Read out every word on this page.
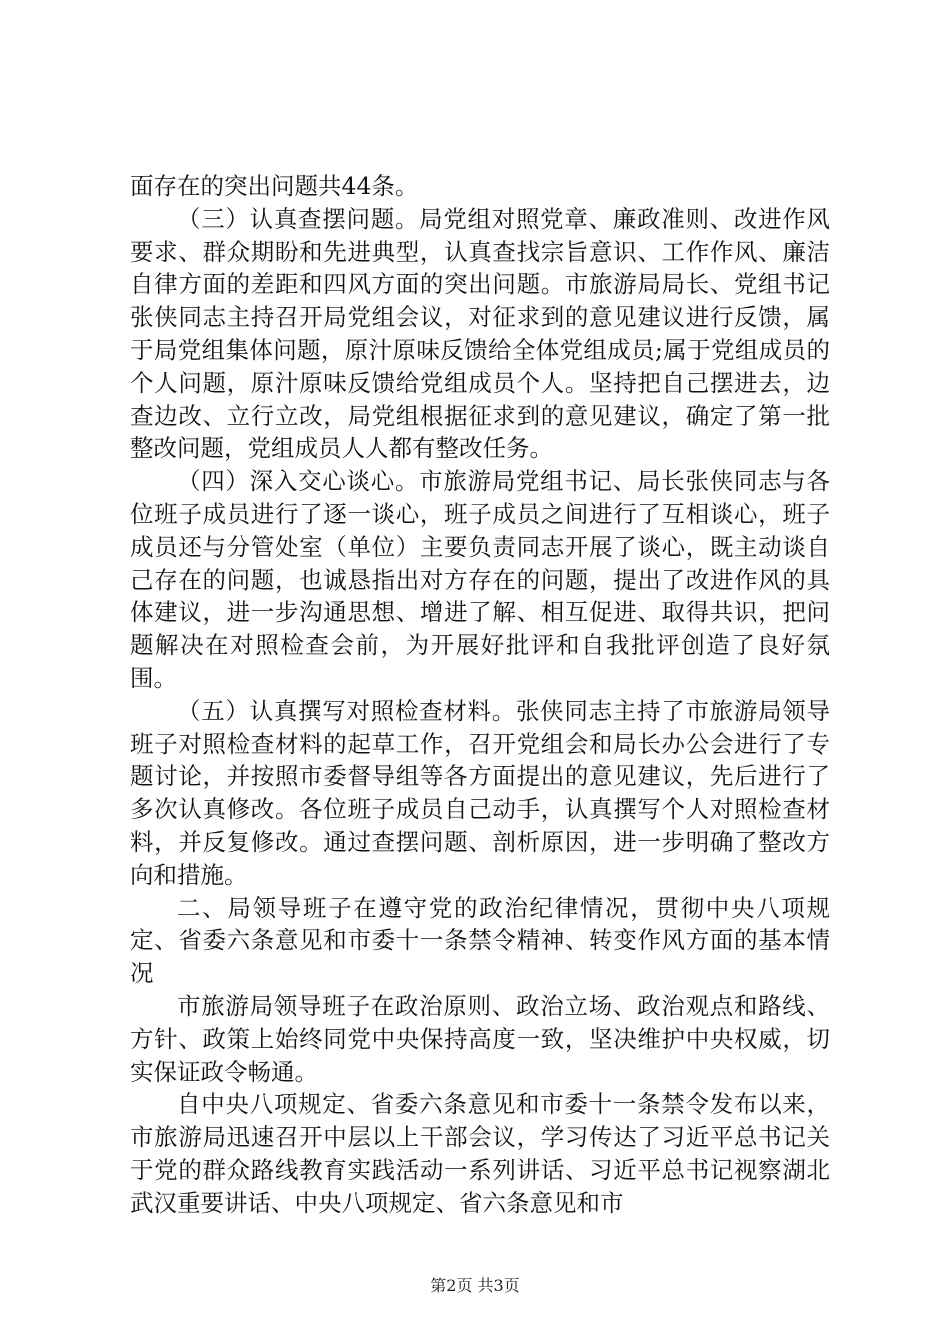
面存在的突出问题共44条。

（三）认真查摆问题。局党组对照党章、廉政准则、改进作风要求、群众期盼和先进典型，认真查找宗旨意识、工作作风、廉洁自律方面的差距和四风方面的突出问题。市旅游局局长、党组书记张侠同志主持召开局党组会议，对征求到的意见建议进行反馈，属于局党组集体问题，原汁原味反馈给全体党组成员;属于党组成员的个人问题，原汁原味反馈给党组成员个人。坚持把自己摆进去，边查边改、立行立改，局党组根据征求到的意见建议，确定了第一批整改问题，党组成员人人都有整改任务。

（四）深入交心谈心。市旅游局党组书记、局长张侠同志与各位班子成员进行了逐一谈心，班子成员之间进行了互相谈心，班子成员还与分管处室（单位）主要负责同志开展了谈心，既主动谈自己存在的问题，也诚恳指出对方存在的问题，提出了改进作风的具体建议，进一步沟通思想、增进了解、相互促进、取得共识，把问题解决在对照检查会前，为开展好批评和自我批评创造了良好氛围。

（五）认真撰写对照检查材料。张侠同志主持了市旅游局领导班子对照检查材料的起草工作，召开党组会和局长办公会进行了专题讨论，并按照市委督导组等各方面提出的意见建议，先后进行了多次认真修改。各位班子成员自己动手，认真撰写个人对照检查材料，并反复修改。通过查摆问题、剖析原因，进一步明确了整改方向和措施。

二、局领导班子在遵守党的政治纪律情况，贯彻中央八项规定、省委六条意见和市委十一条禁令精神、转变作风方面的基本情况

市旅游局领导班子在政治原则、政治立场、政治观点和路线、方针、政策上始终同党中央保持高度一致，坚决维护中央权威，切实保证政令畅通。

自中央八项规定、省委六条意见和市委十一条禁令发布以来，市旅游局迅速召开中层以上干部会议，学习传达了习近平总书记关于党的群众路线教育实践活动一系列讲话、习近平总书记视察湖北武汉重要讲话、中央八项规定、省六条意见和市

第2页 共3页
